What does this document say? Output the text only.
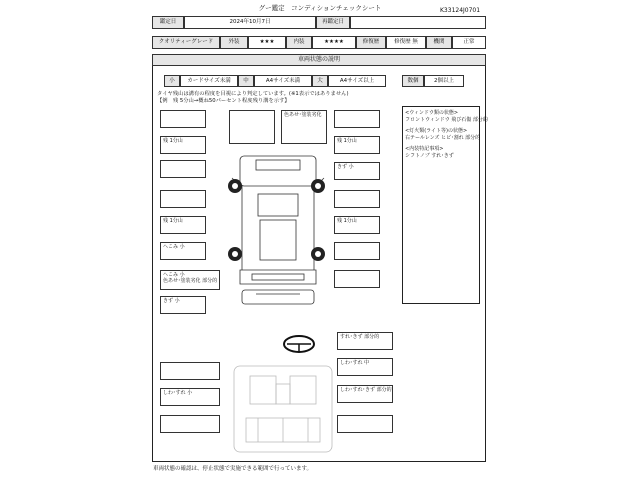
グー鑑定　コンディションチェックシート	K33124J0701
鑑定日	2024年10月7日	再鑑定日
クオリティーグレード	外装	★★★	内装	★★★★	修復歴	修復歴 無	機関	正常
車両状態の説明
小	カードサイズ未満	中	A4サイズ未満	大	A4サイズ以上	数個	2個以上
タイヤ残山は溝有の程度を目視により判定しています。(※1表示ではありません)
【例　残 5分山→概ね50パーセント程度残り溝を示す】
<ウィンドウ類の状態>
フロントウィンドウ 飛び石傷 部分的
<灯火類(ライト等)の状態>
右テールレンズ ヒビ･割れ 部分的
<内装特記事項>
シフトノブ すれ･きず
色あせ･塗装劣化
残 1分山
残 1分山
へこみ 小
へこみ 小
色あせ･塗装劣化 部分的
きず 小
残 1分山
きず 小
残 1分山
すれ･きず 部分的
しわ･すれ 中
しわ･すれ･きず 部分的
しわ･すれ 小
車両状態の確認は、停止状態で実施できる範囲で行っています。
